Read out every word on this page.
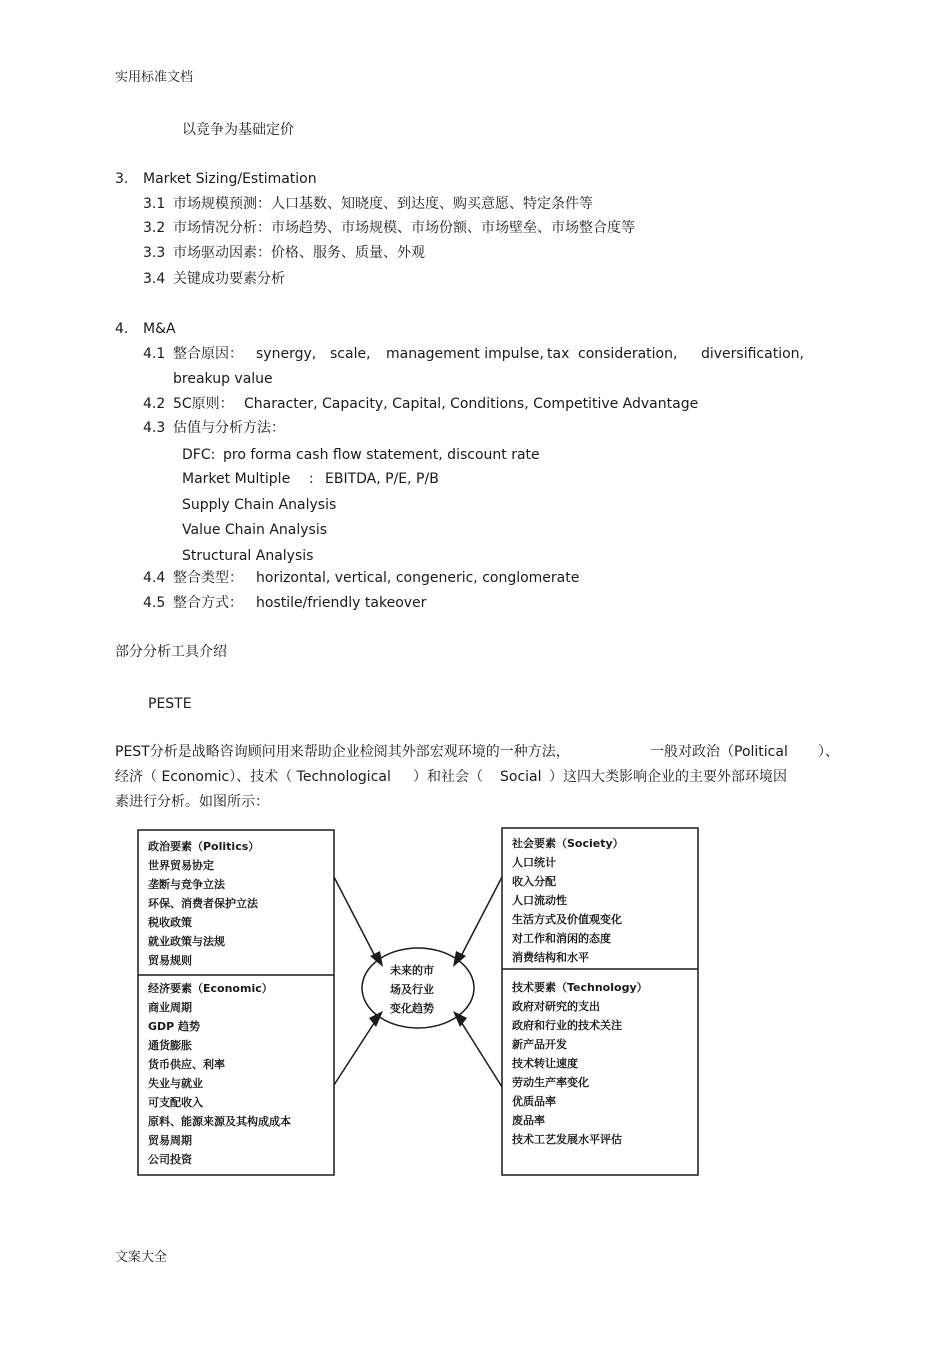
实用标准文档
文案大全
以竞争为基础定价
3. Market Sizing/Estimation
3.1 市场规模预测：人口基数、知晓度、到达度、购买意愿、特定条件等
3.2 市场情况分析：市场趋势、市场规模、市场份额、市场壁垒、市场整合度等
3.3 市场驱动因素：价格、服务、质量、外观
3.4 关键成功要素分析
4. M&A
4.1 整合原因： synergy, scale, management impulse, tax consideration, diversification,
breakup value
4.2 5C原则： Character, Capacity, Capital, Conditions, Competitive Advantage
4.3 估值与分析方法：
DFC: pro forma cash flow statement, discount rate
Market Multiple : EBITDA, P/E, P/B
Supply Chain Analysis
Value Chain Analysis
Structural Analysis
4.4 整合类型： horizontal, vertical, congeneric, conglomerate
4.5 整合方式： hostile/friendly takeover
部分分析工具介绍
PESTE
PEST分析是战略咨询顾问用来帮助企业检阅其外部宏观环境的一种方法，	一般对政治（Political ）、
经济（ Economic）、技术（ Technological ）和社会（ Social ）这四大类影响企业的主要外部环境因
素进行分析。如图所示：
未来的市
场及行业
变化趋势
政治要素（Politics）
世界贸易协定
垄断与竞争立法
环保、消费者保护立法
税收政策
就业政策与法规
贸易规则
经济要素（Economic）
商业周期
GDP 趋势
通货膨胀
货币供应、利率
失业与就业
可支配收入
原料、能源来源及其构成成本
贸易周期
公司投资
社会要素（Society）
人口统计
收入分配
人口流动性
生活方式及价值观变化
对工作和消闲的态度
消费结构和水平
技术要素（Technology）
政府对研究的支出
政府和行业的技术关注
新产品开发
技术转让速度
劳动生产率变化
优质品率
废品率
技术工艺发展水平评估
